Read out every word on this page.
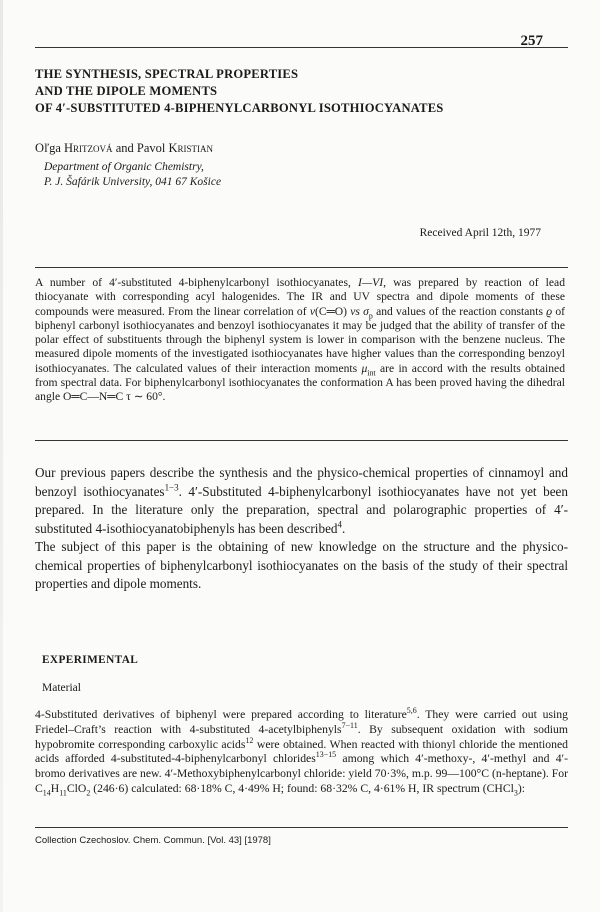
257
THE SYNTHESIS, SPECTRAL PROPERTIES
AND THE DIPOLE MOMENTS
OF 4′-SUBSTITUTED 4-BIPHENYLCARBONYL ISOTHIOCYANATES
Oľga Hritzová and Pavol Kristian
Department of Organic Chemistry,
P. J. Šafárik University, 041 67 Košice
Received April 12th, 1977
A number of 4′-substituted 4-biphenylcarbonyl isothiocyanates, I—VI, was prepared by reaction of lead thiocyanate with corresponding acyl halogenides. The IR and UV spectra and dipole moments of these compounds were measured. From the linear correlation of ν(C═O) vs $\sigma_p$ and values of the reaction constants ϱ of biphenyl carbonyl isothiocyanates and benzoyl isothiocyanates it may be judged that the ability of transfer of the polar effect of substituents through the biphenyl system is lower in comparison with the benzene nucleus. The measured dipole moments of the investigated isothiocyanates have higher values than the corresponding benzoyl isothiocyanates. The calculated values of their interaction moments $\mu_{int}$ are in accord with the results obtained from spectral data. For biphenylcarbonyl isothiocyanates the conformation A has been proved having the dihedral angle O═C—N═C τ ∼ 60°.

Our previous papers describe the synthesis and the physico-chemical properties of cinnamoyl and benzoyl isothiocyanates$^{1-3}$. 4′-Substituted 4-biphenylcarbonyl isothiocyanates have not yet been prepared. In the literature only the preparation, spectral and polarographic properties of 4′-substituted 4-isothiocyanatobiphenyls has been described$^4$.

The subject of this paper is the obtaining of new knowledge on the structure and the physico-chemical properties of biphenylcarbonyl isothiocyanates on the basis of the study of their spectral properties and dipole moments.

EXPERIMENTAL
Material
4-Substituted derivatives of biphenyl were prepared according to literature$^{5,6}$. They were carried out using Friedel–Craft’s reaction with 4-substituted 4-acetylbiphenyls$^{7-11}$. By subsequent oxidation with sodium hypobromite corresponding carboxylic acids$^{12}$ were obtained. When reacted with thionyl chloride the mentioned acids afforded 4-substituted-4-biphenylcarbonyl chlorides$^{13-15}$ among which 4′-methoxy-, 4′-methyl and 4′-bromo derivatives are new. 4′-Methoxybiphenylcarbonyl chloride: yield 70·3%, m.p. 99—100°C (n-heptane). For $C_{14}H_{11}ClO_2$ (246·6) calculated: 68·18% C, 4·49% H; found: 68·32% C, 4·61% H, IR spectrum (CHCl$_3$):
Collection Czechoslov. Chem. Commun. [Vol. 43] [1978]
